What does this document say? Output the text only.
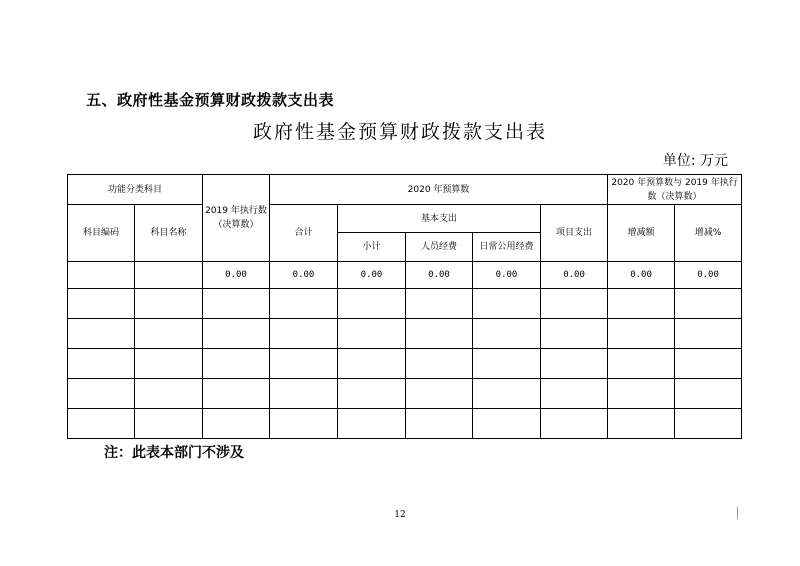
五、政府性基金预算财政拨款支出表
政府性基金预算财政拨款支出表
单位: 万元
功能分类科目		2019 年执行数（决算数）	2020 年预算数					2020 年预算数与 2019 年执行数（决算数）	
科目编码	科目名称		合计	基本支出			项目支出	增减额	增减%
				小计	人员经费	日常公用经费			
		0.00	0.00	0.00	0.00	0.00	0.00	0.00	0.00

注：此表本部门不涉及
12
